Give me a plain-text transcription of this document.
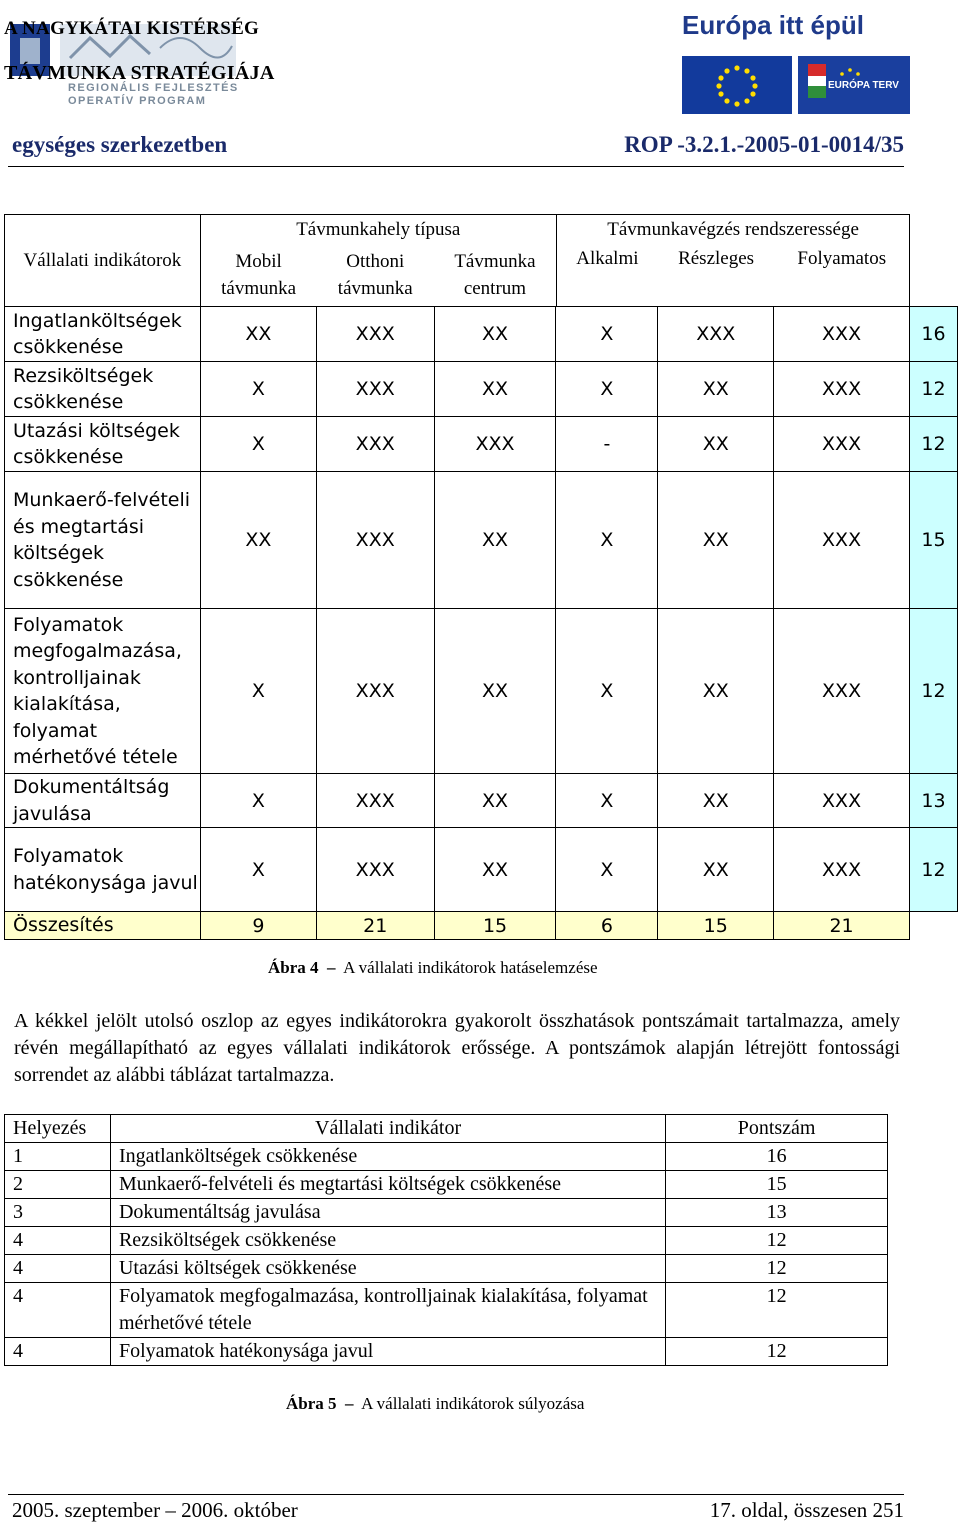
REGIONÁLIS FEJLESZTÉS
OPERATÍV PROGRAM
A NAGYKÁTAI KISTÉRSÉG
TÁVMUNKA STRATÉGIÁJA
Európa itt épül
EURÓPA TERV
egységes szerkezetben	ROP -3.2.1.-2005-01-0014/35
Vállalati indikátorok	Távmunkahely típusa			Távmunkavégzés rendszeressége			
	Mobil távmunka	Otthoni távmunka	Távmunka centrum	Alkalmi	Részleges	Folyamatos	
Ingatlanköltségek csökkenése	XX	XXX	XX	X	XXX	XXX	16
Rezsiköltségek csökkenése	X	XXX	XX	X	XX	XXX	12
Utazási költségek csökkenése	X	XXX	XXX	-	XX	XXX	12
Munkaerő-felvételi és megtartási költségek csökkenése	XX	XXX	XX	X	XX	XXX	15
Folyamatok megfogalmazása, kontrolljainak kialakítása, folyamat mérhetővé tétele	X	XXX	XX	X	XX	XXX	12
Dokumentáltság javulása	X	XXX	XX	X	XX	XXX	13
Folyamatok hatékonysága javul	X	XXX	XX	X	XX	XXX	12
Összesítés	9	21	15	6	15	21	
Ábra 4 – A vállalati indikátorok hatáselemzése
A kékkel jelölt utolsó oszlop az egyes indikátorokra gyakorolt összhatások pontszámait tartalmazza, amely révén megállapítható az egyes vállalati indikátorok erőssége. A pontszámok alapján létrejött fontossági sorrendet az alábbi táblázat tartalmazza.
Helyezés	Vállalati indikátor	Pontszám
1	Ingatlanköltségek csökkenése	16
2	Munkaerő-felvételi és megtartási költségek csökkenése	15
3	Dokumentáltság javulása	13
4	Rezsiköltségek csökkenése	12
4	Utazási költségek csökkenése	12
4	Folyamatok megfogalmazása, kontrolljainak kialakítása, folyamat mérhetővé tétele	12
4	Folyamatok hatékonysága javul	12
Ábra 5 – A vállalati indikátorok súlyozása
2005. szeptember – 2006. október	17. oldal, összesen 251
